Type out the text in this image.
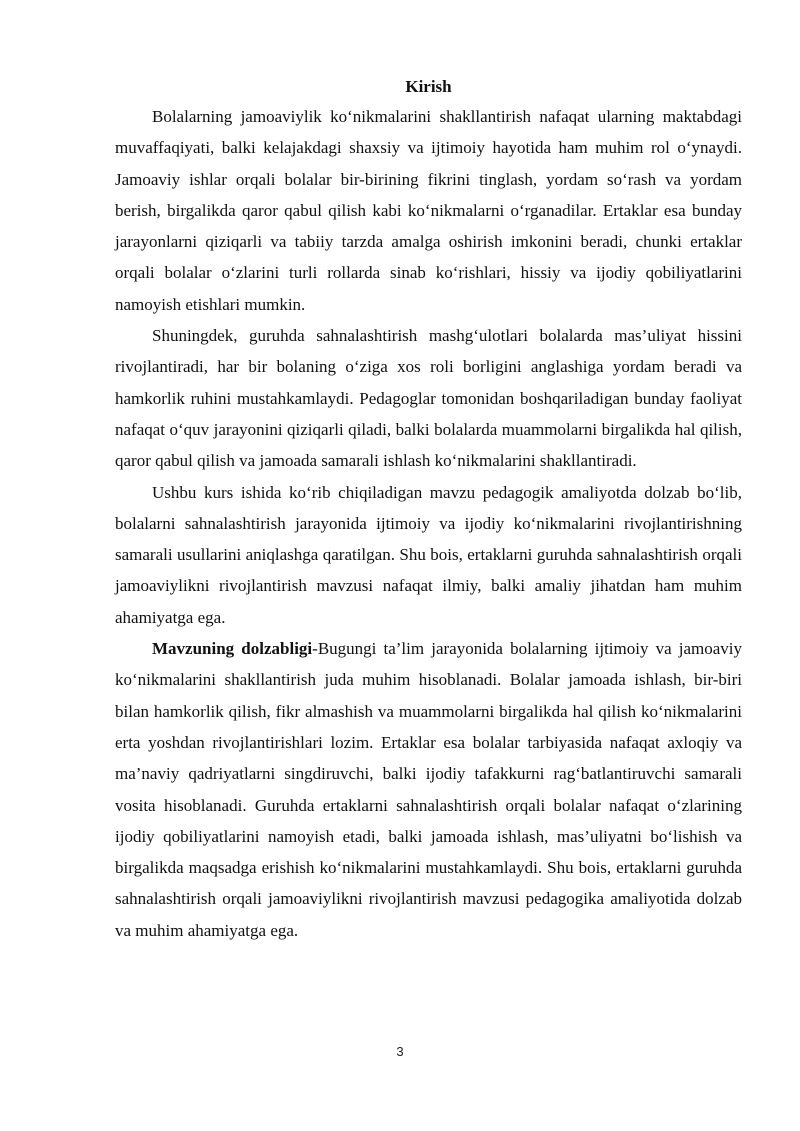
Kirish

Bolalarning jamoaviylik ko‘nikmalarini shakllantirish nafaqat ularning maktabdagi muvaffaqiyati, balki kelajakdagi shaxsiy va ijtimoiy hayotida ham muhim rol o‘ynaydi. Jamoaviy ishlar orqali bolalar bir-birining fikrini tinglash, yordam so‘rash va yordam berish, birgalikda qaror qabul qilish kabi ko‘nikmalarni o‘rganadilar. Ertaklar esa bunday jarayonlarni qiziqarli va tabiiy tarzda amalga oshirish imkonini beradi, chunki ertaklar orqali bolalar o‘zlarini turli rollarda sinab ko‘rishlari, hissiy va ijodiy qobiliyatlarini namoyish etishlari mumkin.

Shuningdek, guruhda sahnalashtirish mashg‘ulotlari bolalarda mas’uliyat hissini rivojlantiradi, har bir bolaning o‘ziga xos roli borligini anglashiga yordam beradi va hamkorlik ruhini mustahkamlaydi. Pedagoglar tomonidan boshqariladigan bunday faoliyat nafaqat o‘quv jarayonini qiziqarli qiladi, balki bolalarda muammolarni birgalikda hal qilish, qaror qabul qilish va jamoada samarali ishlash ko‘nikmalarini shakllantiradi.

Ushbu kurs ishida ko‘rib chiqiladigan mavzu pedagogik amaliyotda dolzab bo‘lib, bolalarni sahnalashtirish jarayonida ijtimoiy va ijodiy ko‘nikmalarini rivojlantirishning samarali usullarini aniqlashga qaratilgan. Shu bois, ertaklarni guruhda sahnalashtirish orqali jamoaviylikni rivojlantirish mavzusi nafaqat ilmiy, balki amaliy jihatdan ham muhim ahamiyatga ega.

Mavzuning dolzabligi-Bugungi ta’lim jarayonida bolalarning ijtimoiy va jamoaviy ko‘nikmalarini shakllantirish juda muhim hisoblanadi. Bolalar jamoada ishlash, bir-biri bilan hamkorlik qilish, fikr almashish va muammolarni birgalikda hal qilish ko‘nikmalarini erta yoshdan rivojlantirishlari lozim. Ertaklar esa bolalar tarbiyasida nafaqat axloqiy va ma’naviy qadriyatlarni singdiruvchi, balki ijodiy tafakkurni rag‘batlantiruvchi samarali vosita hisoblanadi. Guruhda ertaklarni sahnalashtirish orqali bolalar nafaqat o‘zlarining ijodiy qobiliyatlarini namoyish etadi, balki jamoada ishlash, mas’uliyatni bo‘lishish va birgalikda maqsadga erishish ko‘nikmalarini mustahkamlaydi. Shu bois, ertaklarni guruhda sahnalashtirish orqali jamoaviylikni rivojlantirish mavzusi pedagogika amaliyotida dolzab va muhim ahamiyatga ega.

3
